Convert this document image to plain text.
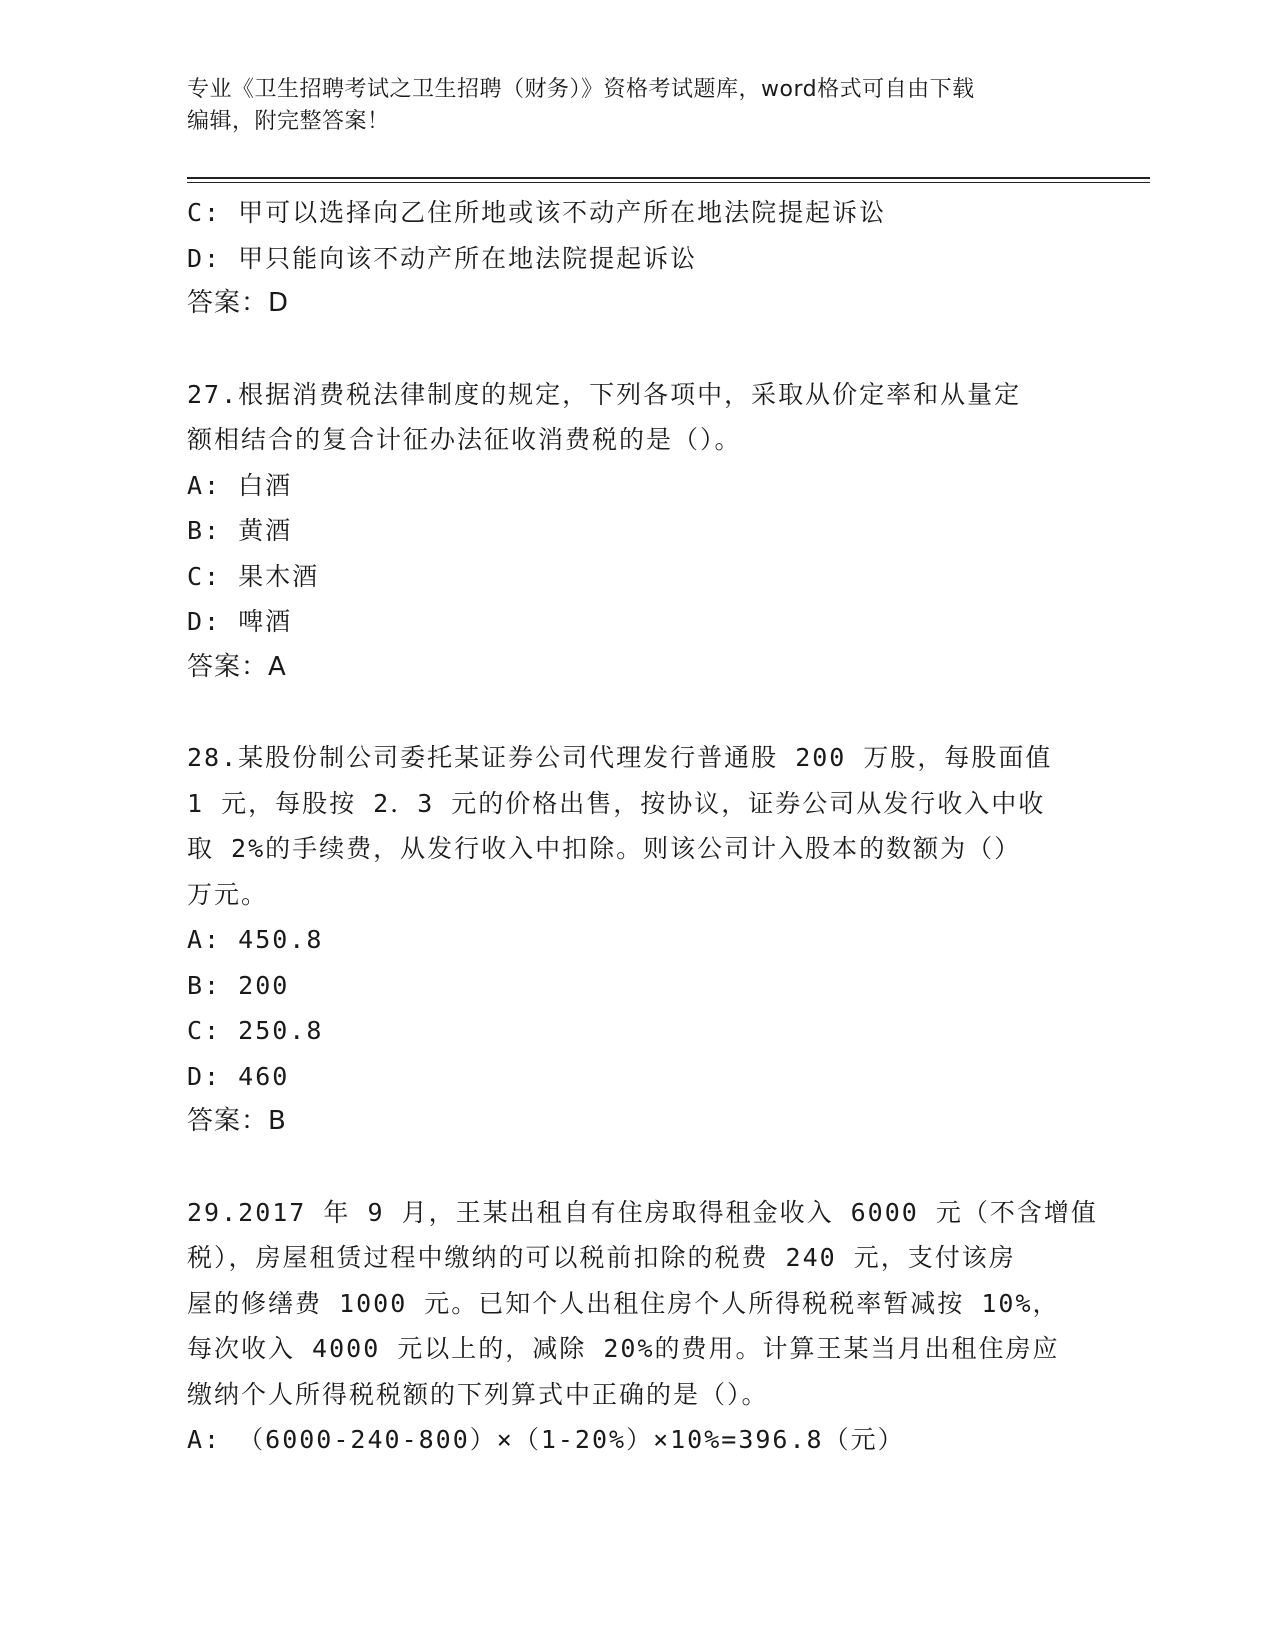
专业《卫生招聘考试之卫生招聘（财务）》资格考试题库，word格式可自由下载
编辑，附完整答案！
C: 甲可以选择向乙住所地或该不动产所在地法院提起诉讼
D: 甲只能向该不动产所在地法院提起诉讼
答案：D
27.根据消费税法律制度的规定，下列各项中，采取从价定率和从量定
额相结合的复合计征办法征收消费税的是（）。
A: 白酒
B: 黄酒
C: 果木酒
D: 啤酒
答案：A
28.某股份制公司委托某证券公司代理发行普通股 200 万股，每股面值
1 元，每股按 2．3 元的价格出售，按协议，证券公司从发行收入中收
取 2%的手续费，从发行收入中扣除。则该公司计入股本的数额为（）
万元。
A: 450.8
B: 200
C: 250.8
D: 460
答案：B
29.2017 年 9 月，王某出租自有住房取得租金收入 6000 元（不含增值
税），房屋租赁过程中缴纳的可以税前扣除的税费 240 元，支付该房
屋的修缮费 1000 元。已知个人出租住房个人所得税税率暂减按 10%，
每次收入 4000 元以上的，减除 20%的费用。计算王某当月出租住房应
缴纳个人所得税税额的下列算式中正确的是（）。
A: （6000-240-800）×（1-20%）×10%=396.8（元）
